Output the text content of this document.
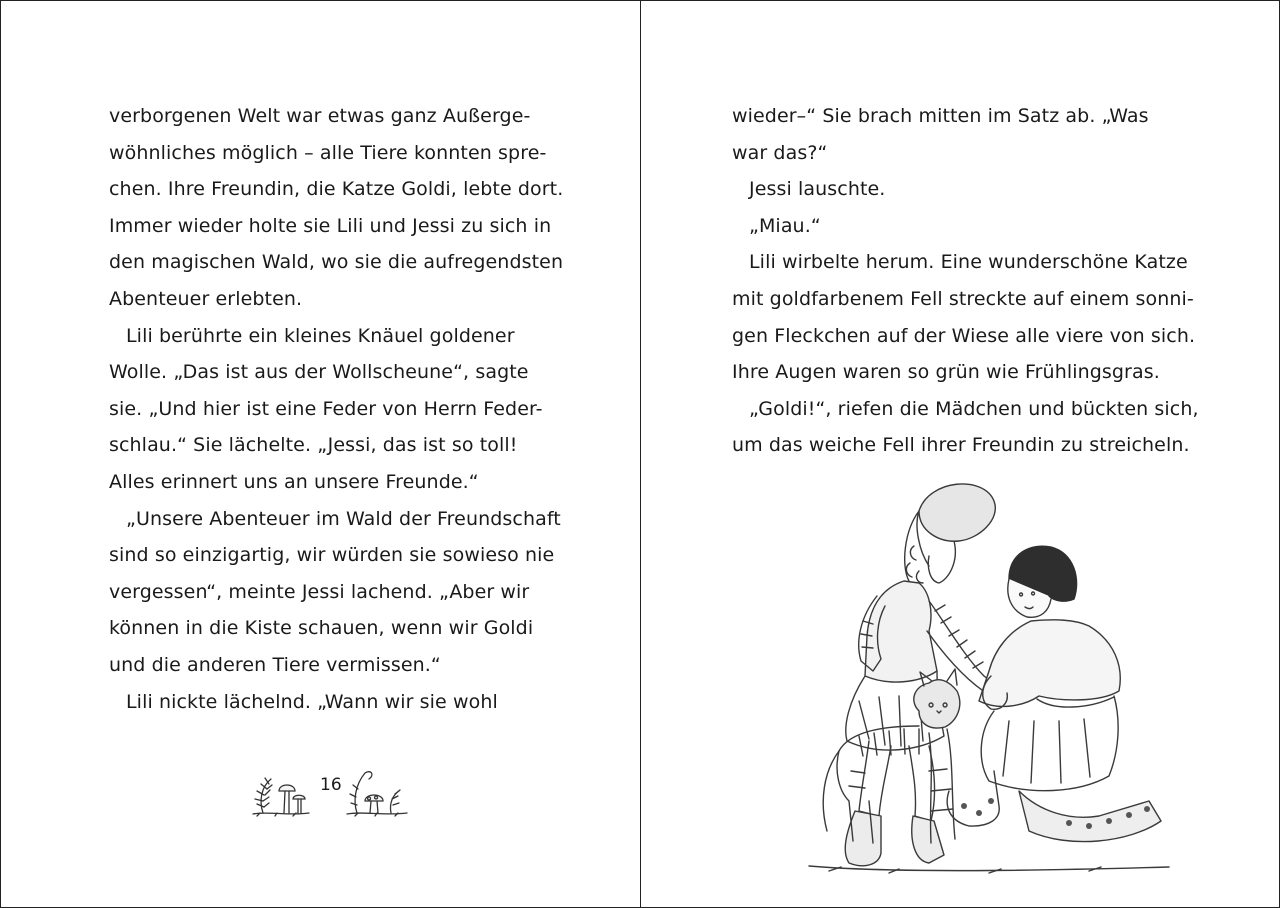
verborgenen Welt war etwas ganz Außerge-
wöhnliches möglich – alle Tiere konnten spre-
chen. Ihre Freundin, die Katze Goldi, lebte dort.
Immer wieder holte sie Lili und Jessi zu sich in
den magischen Wald, wo sie die aufregendsten
Abenteuer erlebten.
Lili berührte ein kleines Knäuel goldener
Wolle. „Das ist aus der Wollscheune“, sagte
sie. „Und hier ist eine Feder von Herrn Feder-
schlau.“ Sie lächelte. „Jessi, das ist so toll!
Alles erinnert uns an unsere Freunde.“
„Unsere Abenteuer im Wald der Freundschaft
sind so einzigartig, wir würden sie sowieso nie
vergessen“, meinte Jessi lachend. „Aber wir
können in die Kiste schauen, wenn wir Goldi
und die anderen Tiere vermissen.“
Lili nickte lächelnd. „Wann wir sie wohl
16
wieder–“ Sie brach mitten im Satz ab. „Was
war das?“
Jessi lauschte.
„Miau.“
Lili wirbelte herum. Eine wunderschöne Katze
mit goldfarbenem Fell streckte auf einem sonni-
gen Fleckchen auf der Wiese alle viere von sich.
Ihre Augen waren so grün wie Frühlingsgras.
„Goldi!“, riefen die Mädchen und bückten sich,
um das weiche Fell ihrer Freundin zu streicheln.
